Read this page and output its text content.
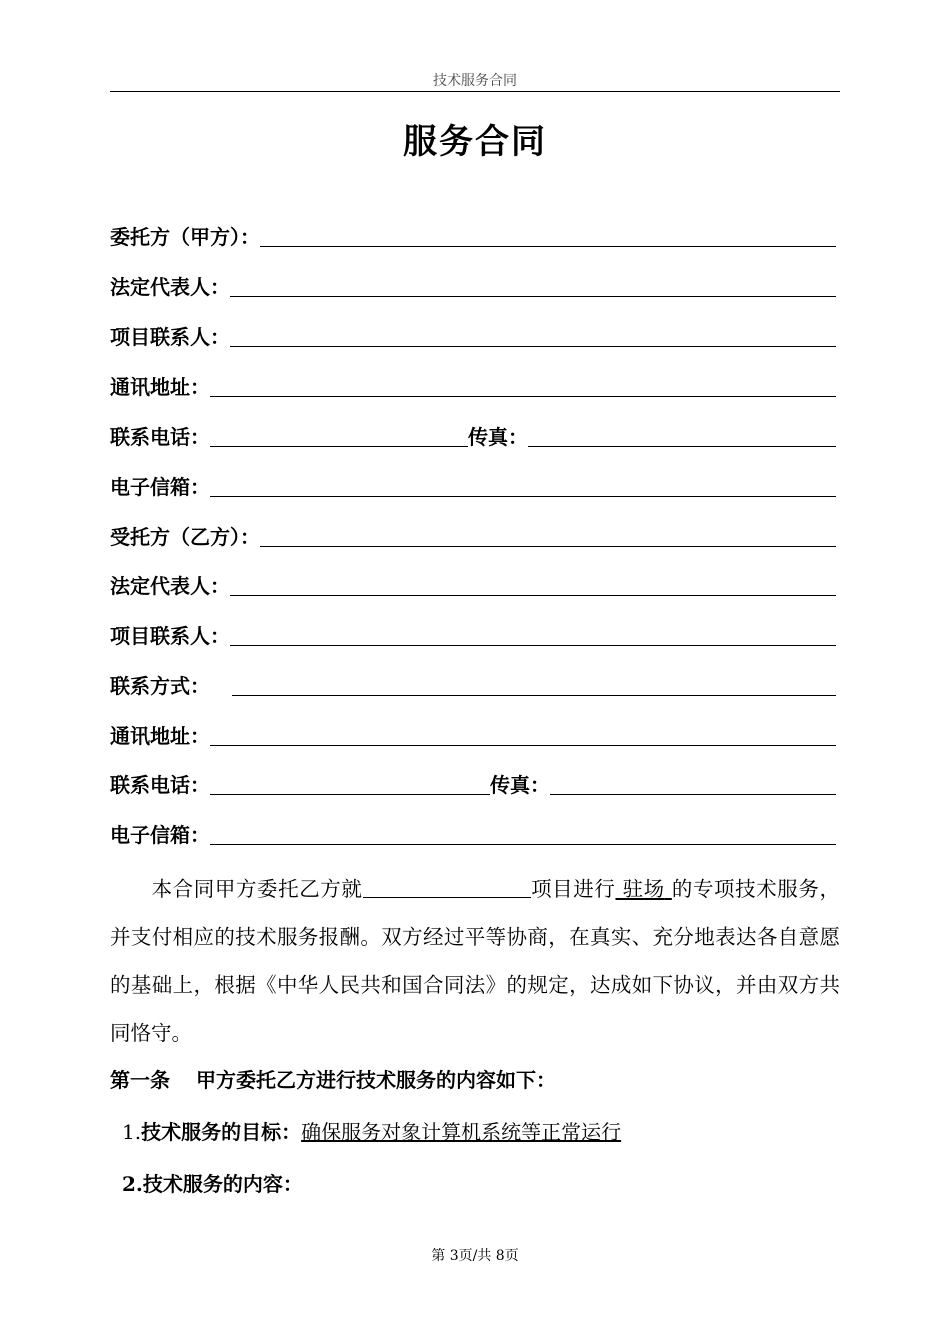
技术服务合同
服务合同
委托方（甲方）：
法定代表人：
项目联系人：
通讯地址：
联系电话：	传真：
电子信箱：
受托方（乙方）：
法定代表人：
项目联系人：
联系方式：
通讯地址：
联系电话：	传真：
电子信箱：
本合同甲方委托乙方就	项目进行 驻场 的专项技术服务，并支付相应的技术服务报酬。双方经过平等协商，在真实、充分地表达各自意愿的基础上，根据《中华人民共和国合同法》的规定，达成如下协议，并由双方共同恪守。
第一条 甲方委托乙方进行技术服务的内容如下：
1.技术服务的目标：确保服务对象计算机系统等正常运行
2.技术服务的内容：
第 3页/共 8页
